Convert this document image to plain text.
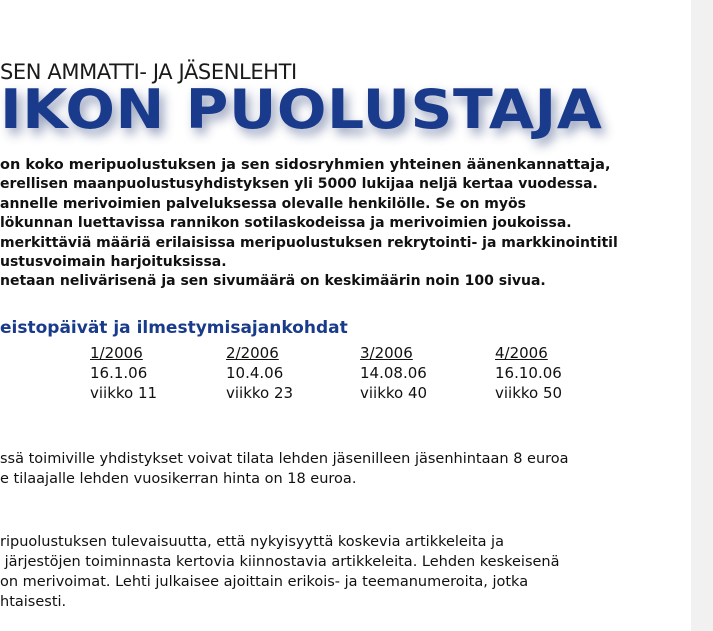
SEN AMMATTI- JA JÄSENLEHTI
IKON PUOLUSTAJA

on koko meripuolustuksen ja sen sidosryhmien yhteinen äänenkannattaja,

erellisen maanpuolustusyhdistyksen yli 5000 lukijaa neljä kertaa vuodessa.

annelle merivoimien palveluksessa olevalle henkilölle. Se on myös

lökunnan luettavissa rannikon sotilaskodeissa ja merivoimien joukoissa.

merkittäviä määriä erilaisissa meripuolustuksen rekrytointi- ja markkinointitil

ustusvoimain harjoituksissa.

netaan nelivärisenä ja sen sivumäärä on keskimäärin noin 100 sivua.

eistopäivät ja ilmestymisajankohdat
1/2006
16.1.06
viikko 11
2/2006
10.4.06
viikko 23
3/2006
14.08.06
viikko 40
4/2006
16.10.06
viikko 50

ssä toimiville yhdistykset voivat tilata lehden jäsenilleen jäsenhintaan 8 euroa

e tilaajalle lehden vuosikerran hinta on 18 euroa.

ripuolustuksen tulevaisuutta, että nykyisyyttä koskevia artikkeleita ja

järjestöjen toiminnasta kertovia kiinnostavia artikkeleita. Lehden keskeisenä

on merivoimat. Lehti julkaisee ajoittain erikois- ja teemanumeroita, jotka

htaisesti.
